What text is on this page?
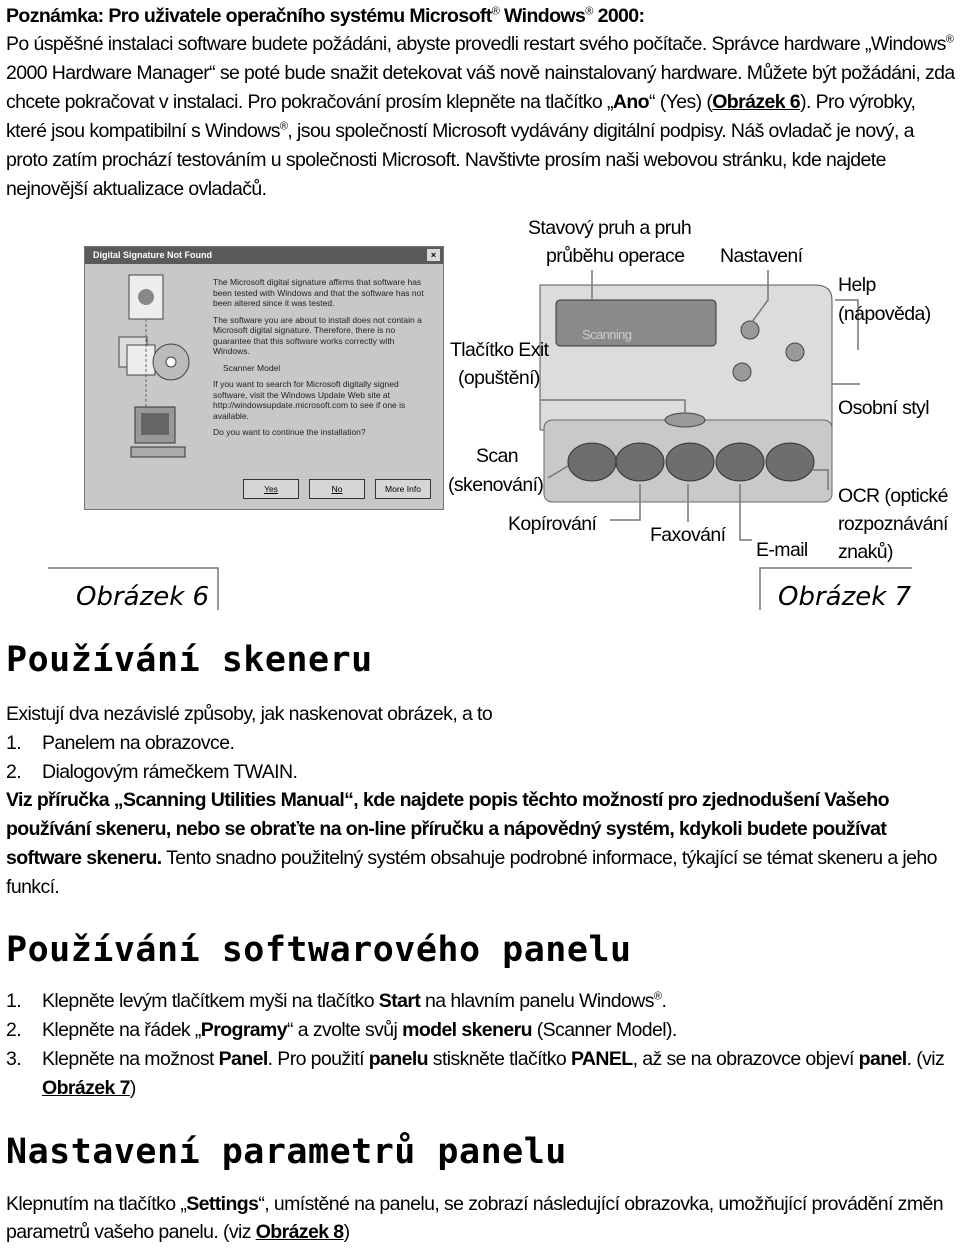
Poznámka: Pro uživatele operačního systému Microsoft® Windows® 2000:
Po úspěšné instalaci software budete požádáni, abyste provedli restart svého počítače. Správce hardware „Windows®
2000 Hardware Manager“ se poté bude snažit detekovat váš nově nainstalovaný hardware. Můžete být požádáni, zda
chcete pokračovat v instalaci. Pro pokračování prosím klepněte na tlačítko „Ano“ (Yes) (Obrázek 6). Pro výrobky,
které jsou kompatibilní s Windows®, jsou společností Microsoft vydávány digitální podpisy. Náš ovladač je nový, a
proto zatím prochází testováním u společnosti Microsoft. Navštivte prosím naši webovou stránku, kde najdete
nejnovější aktualizace ovladačů.
Digital Signature Not Found	×
The Microsoft digital signature affirms that software has been tested with Windows and that the software has not been altered since it was tested.
The software you are about to install does not contain a Microsoft digital signature. Therefore, there is no guarantee that this software works correctly with Windows.
Scanner Model
If you want to search for Microsoft digitally signed software, visit the Windows Update Web site at http://windowsupdate.microsoft.com to see if one is available.
Do you want to continue the installation?
Yes	No	More Info
Scanning
Stavový pruh a pruh
průběhu operace Nastavení
Help
(nápověda)
Tlačítko Exit
(opuštění)
Osobní styl
Scan
(skenování)	OCR (optické
rozpoznávání
znaků)
Kopírování	Faxování
E-mail
Obrázek 6	Obrázek 7
Používání skeneru
Existují dva nezávislé způsoby, jak naskenovat obrázek, a to
1. Panelem na obrazovce.
2. Dialogovým rámečkem TWAIN.
Viz příručka „Scanning Utilities Manual“, kde najdete popis těchto možností pro zjednodušení Vašeho
používání skeneru, nebo se obraťte na on-line příručku a nápovědný systém, kdykoli budete používat
software skeneru. Tento snadno použitelný systém obsahuje podrobné informace, týkající se témat skeneru a jeho
funkcí.
Používání softwarového panelu
1. Klepněte levým tlačítkem myši na tlačítko Start na hlavním panelu Windows®.
2. Klepněte na řádek „Programy“ a zvolte svůj model skeneru (Scanner Model).
3. Klepněte na možnost Panel. Pro použití panelu stiskněte tlačítko PANEL, až se na obrazovce objeví panel. (viz
Obrázek 7)
Nastavení parametrů panelu
Klepnutím na tlačítko „Settings“, umístěné na panelu, se zobrazí následující obrazovka, umožňující provádění změn
parametrů vašeho panelu. (viz Obrázek 8)
